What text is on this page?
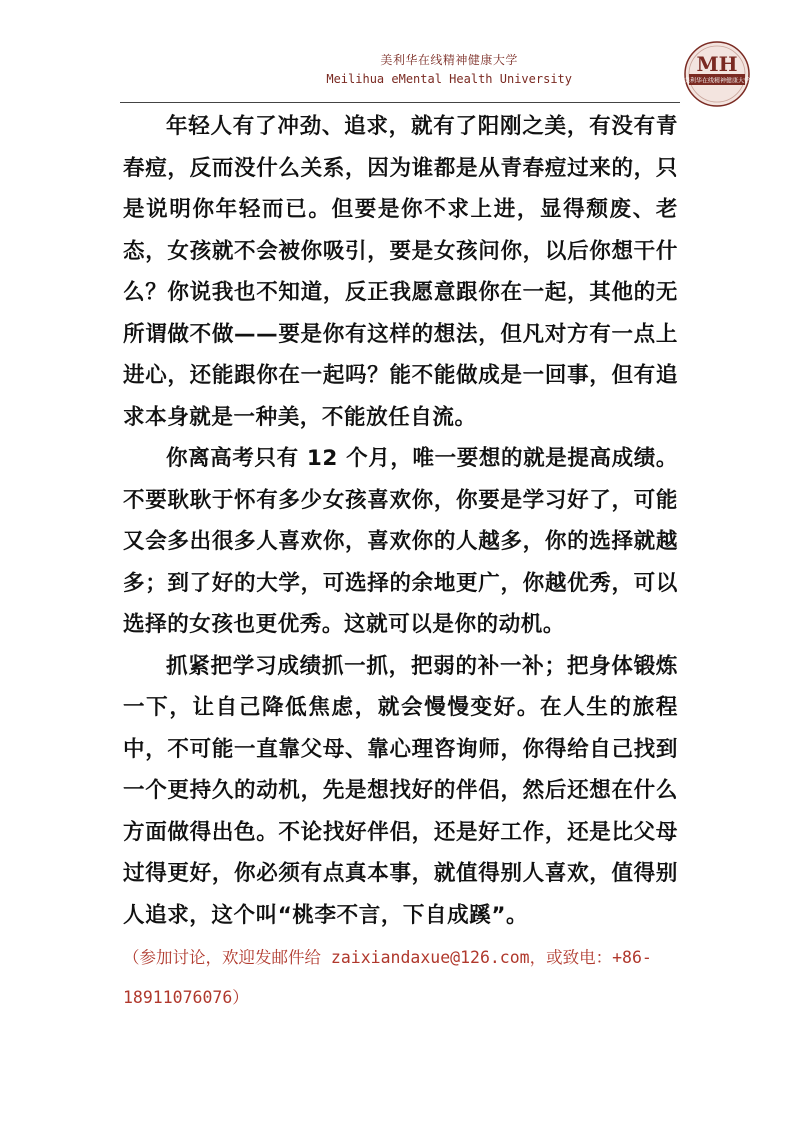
美利华在线精神健康大学
Meilihua eMental Health University
MH
美利华在线精神健康大学

年轻人有了冲劲、追求，就有了阳刚之美，有没有青春痘，反而没什么关系，因为谁都是从青春痘过来的，只是说明你年轻而已。但要是你不求上进，显得颓废、老态，女孩就不会被你吸引，要是女孩问你，以后你想干什么？你说我也不知道，反正我愿意跟你在一起，其他的无所谓做不做——要是你有这样的想法，但凡对方有一点上进心，还能跟你在一起吗？能不能做成是一回事，但有追求本身就是一种美，不能放任自流。

你离高考只有 12 个月，唯一要想的就是提高成绩。不要耿耿于怀有多少女孩喜欢你，你要是学习好了，可能又会多出很多人喜欢你，喜欢你的人越多，你的选择就越多；到了好的大学，可选择的余地更广，你越优秀，可以选择的女孩也更优秀。这就可以是你的动机。

抓紧把学习成绩抓一抓，把弱的补一补；把身体锻炼一下，让自己降低焦虑，就会慢慢变好。在人生的旅程中，不可能一直靠父母、靠心理咨询师，你得给自己找到一个更持久的动机，先是想找好的伴侣，然后还想在什么方面做得出色。不论找好伴侣，还是好工作，还是比父母过得更好，你必须有点真本事，就值得别人喜欢，值得别人追求，这个叫“桃李不言，下自成蹊”。

（参加讨论，欢迎发邮件给 zaixiandaxue@126.com，或致电：+86-18911076076）
